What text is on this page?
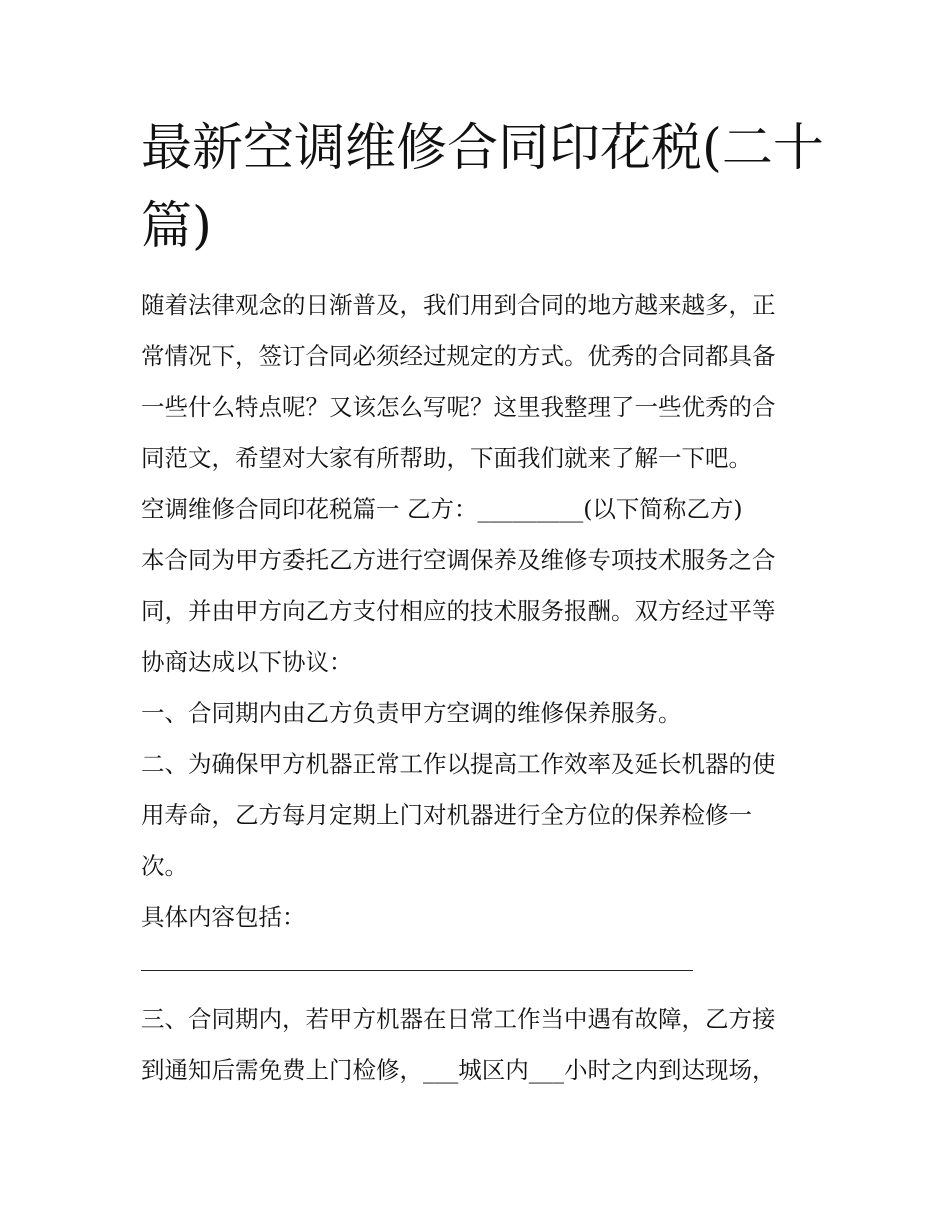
最新空调维修合同印花税(二十
篇)

随着法律观念的日渐普及，我们用到合同的地方越来越多，正
常情况下，签订合同必须经过规定的方式。优秀的合同都具备
一些什么特点呢？又该怎么写呢？这里我整理了一些优秀的合
同范文，希望对大家有所帮助，下面我们就来了解一下吧。

空调维修合同印花税篇一 乙方：_________(以下简称乙方)

本合同为甲方委托乙方进行空调保养及维修专项技术服务之合
同，并由甲方向乙方支付相应的技术服务报酬。双方经过平等
协商达成以下协议：

一、合同期内由乙方负责甲方空调的维修保养服务。

二、为确保甲方机器正常工作以提高工作效率及延长机器的使
用寿命，乙方每月定期上门对机器进行全方位的保养检修一
次。

具体内容包括：

三、合同期内，若甲方机器在日常工作当中遇有故障，乙方接
到通知后需免费上门检修，___城区内___小时之内到达现场，
